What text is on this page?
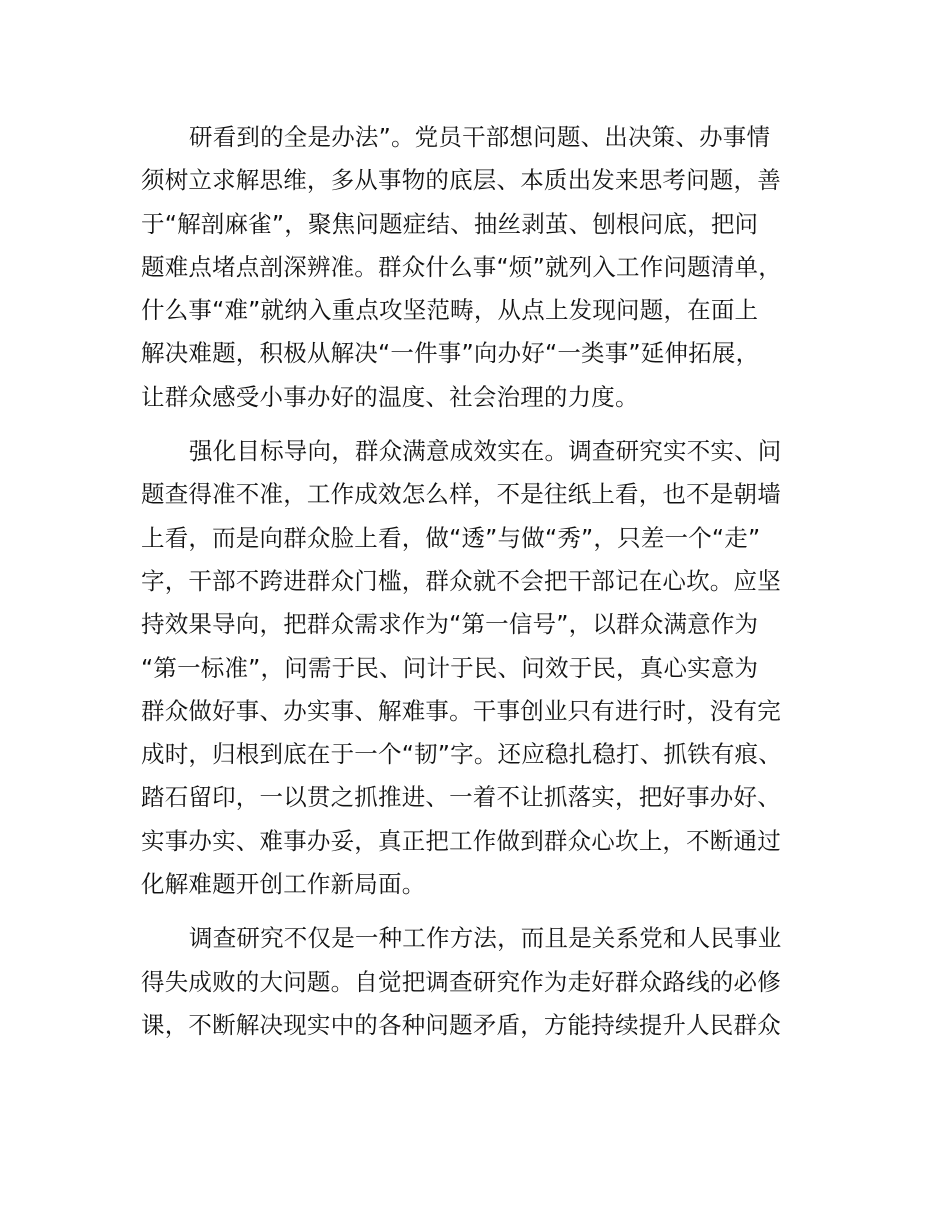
研看到的全是办法”。党员干部想问题、出决策、办事情
须树立求解思维，多从事物的底层、本质出发来思考问题，善
于“解剖麻雀”，聚焦问题症结、抽丝剥茧、刨根问底，把问
题难点堵点剖深辨准。群众什么事“烦”就列入工作问题清单，
什么事“难”就纳入重点攻坚范畴，从点上发现问题，在面上
解决难题，积极从解决“一件事”向办好“一类事”延伸拓展，
让群众感受小事办好的温度、社会治理的力度。
强化目标导向，群众满意成效实在。调查研究实不实、问
题查得准不准，工作成效怎么样，不是往纸上看，也不是朝墙
上看，而是向群众脸上看，做“透”与做“秀”，只差一个“走”
字，干部不跨进群众门槛，群众就不会把干部记在心坎。应坚
持效果导向，把群众需求作为“第一信号”，以群众满意作为
“第一标准”，问需于民、问计于民、问效于民，真心实意为
群众做好事、办实事、解难事。干事创业只有进行时，没有完
成时，归根到底在于一个“韧”字。还应稳扎稳打、抓铁有痕、
踏石留印，一以贯之抓推进、一着不让抓落实，把好事办好、
实事办实、难事办妥，真正把工作做到群众心坎上，不断通过
化解难题开创工作新局面。
调查研究不仅是一种工作方法，而且是关系党和人民事业
得失成败的大问题。自觉把调查研究作为走好群众路线的必修
课，不断解决现实中的各种问题矛盾，方能持续提升人民群众
